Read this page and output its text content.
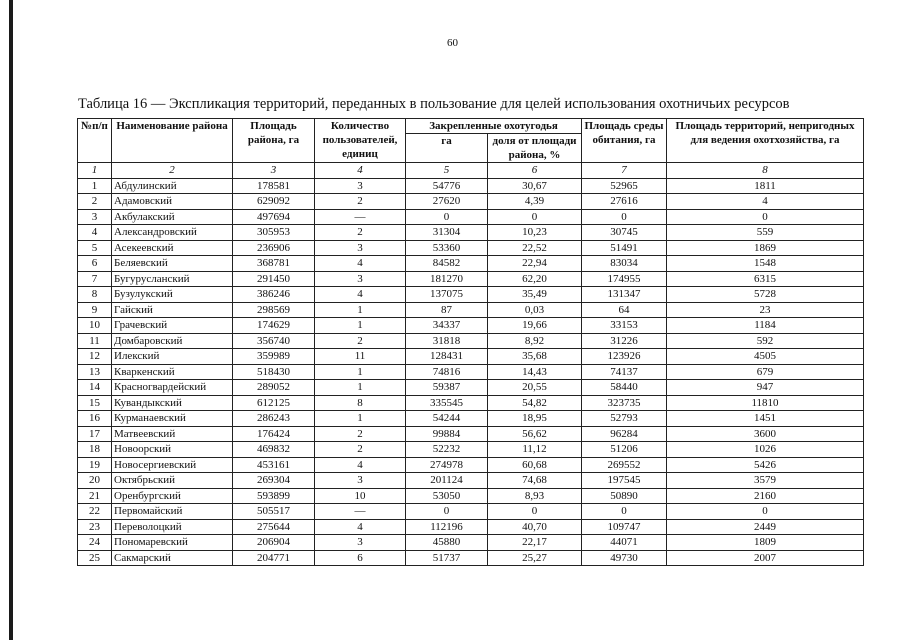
60
Таблица 16 — Экспликация территорий, переданных в пользование для целей использования охотничьих ресурсов
№п/п	Наименование района	Площадь района, га	Количество пользователей, единиц	Закрепленные охотугодья		Площадь среды обитания, га	Площадь территорий, непригодных для ведения охотхозяйства, га
				га	доля от площади района, %		
1	2	3	4	5	6	7	8
1	Абдулинский	178581	3	54776	30,67	52965	1811
2	Адамовский	629092	2	27620	4,39	27616	4
3	Акбулакский	497694	—	0	0	0	0
4	Александровский	305953	2	31304	10,23	30745	559
5	Асекеевский	236906	3	53360	22,52	51491	1869
6	Беляевский	368781	4	84582	22,94	83034	1548
7	Бугурусланский	291450	3	181270	62,20	174955	6315
8	Бузулукский	386246	4	137075	35,49	131347	5728
9	Гайский	298569	1	87	0,03	64	23
10	Грачевский	174629	1	34337	19,66	33153	1184
11	Домбаровский	356740	2	31818	8,92	31226	592
12	Илекский	359989	11	128431	35,68	123926	4505
13	Кваркенский	518430	1	74816	14,43	74137	679
14	Красногвардейский	289052	1	59387	20,55	58440	947
15	Кувандыкский	612125	8	335545	54,82	323735	11810
16	Курманаевский	286243	1	54244	18,95	52793	1451
17	Матвеевский	176424	2	99884	56,62	96284	3600
18	Новоорский	469832	2	52232	11,12	51206	1026
19	Новосергиевский	453161	4	274978	60,68	269552	5426
20	Октябрьский	269304	3	201124	74,68	197545	3579
21	Оренбургский	593899	10	53050	8,93	50890	2160
22	Первомайский	505517	—	0	0	0	0
23	Переволоцкий	275644	4	112196	40,70	109747	2449
24	Пономаревский	206904	3	45880	22,17	44071	1809
25	Сакмарский	204771	6	51737	25,27	49730	2007
